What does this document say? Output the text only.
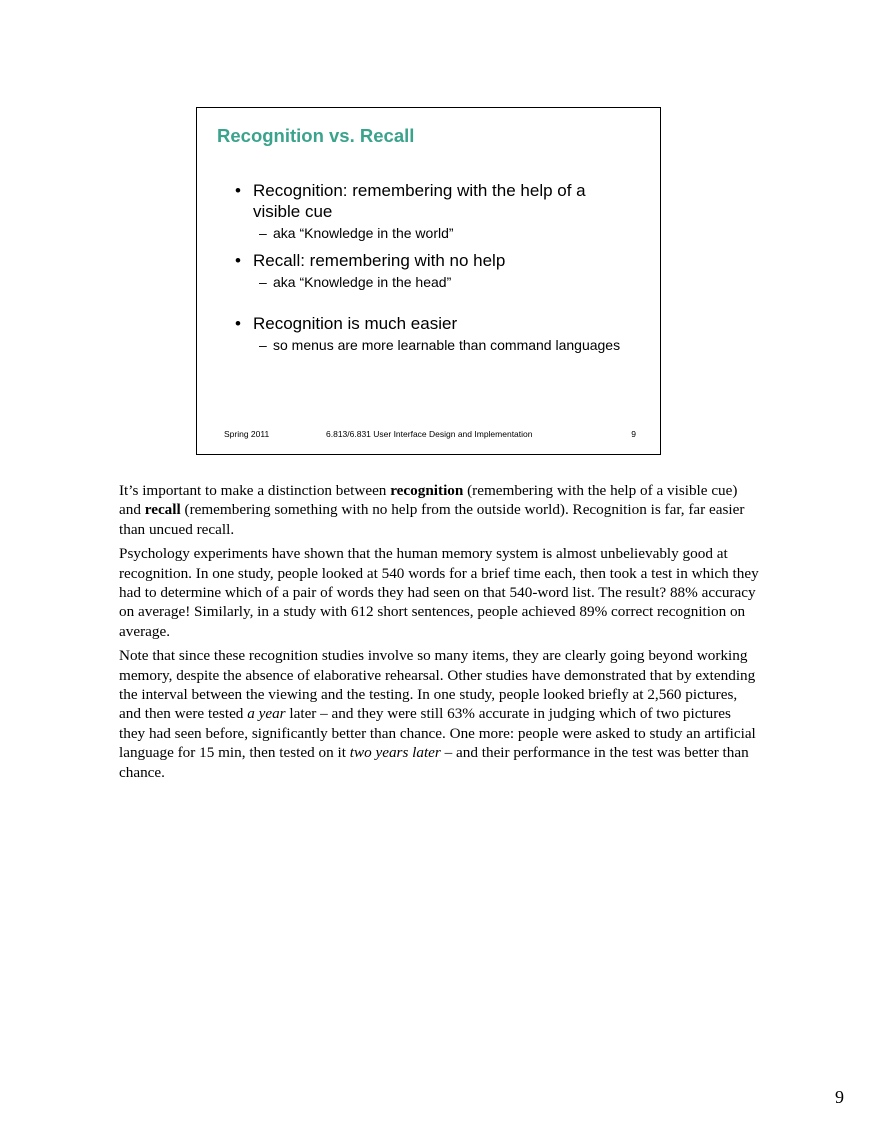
Recognition vs. Recall

• Recognition: remembering with the help of a visible cue

– aka “Knowledge in the world”

• Recall: remembering with no help

– aka “Knowledge in the head”

• Recognition is much easier

– so menus are more learnable than command languages

Spring 2011	6.813/6.831 User Interface Design and Implementation	9

It’s important to make a distinction between recognition (remembering with the help of a visible cue) and recall (remembering something with no help from the outside world). Recognition is far, far easier than uncued recall.

Psychology experiments have shown that the human memory system is almost unbelievably good at recognition. In one study, people looked at 540 words for a brief time each, then took a test in which they had to determine which of a pair of words they had seen on that 540-word list. The result? 88% accuracy on average! Similarly, in a study with 612 short sentences, people achieved 89% correct recognition on average.

Note that since these recognition studies involve so many items, they are clearly going beyond working memory, despite the absence of elaborative rehearsal. Other studies have demonstrated that by extending the interval between the viewing and the testing. In one study, people looked briefly at 2,560 pictures, and then were tested a year later – and they were still 63% accurate in judging which of two pictures they had seen before, significantly better than chance. One more: people were asked to study an artificial language for 15 min, then tested on it two years later – and their performance in the test was better than chance.

9
